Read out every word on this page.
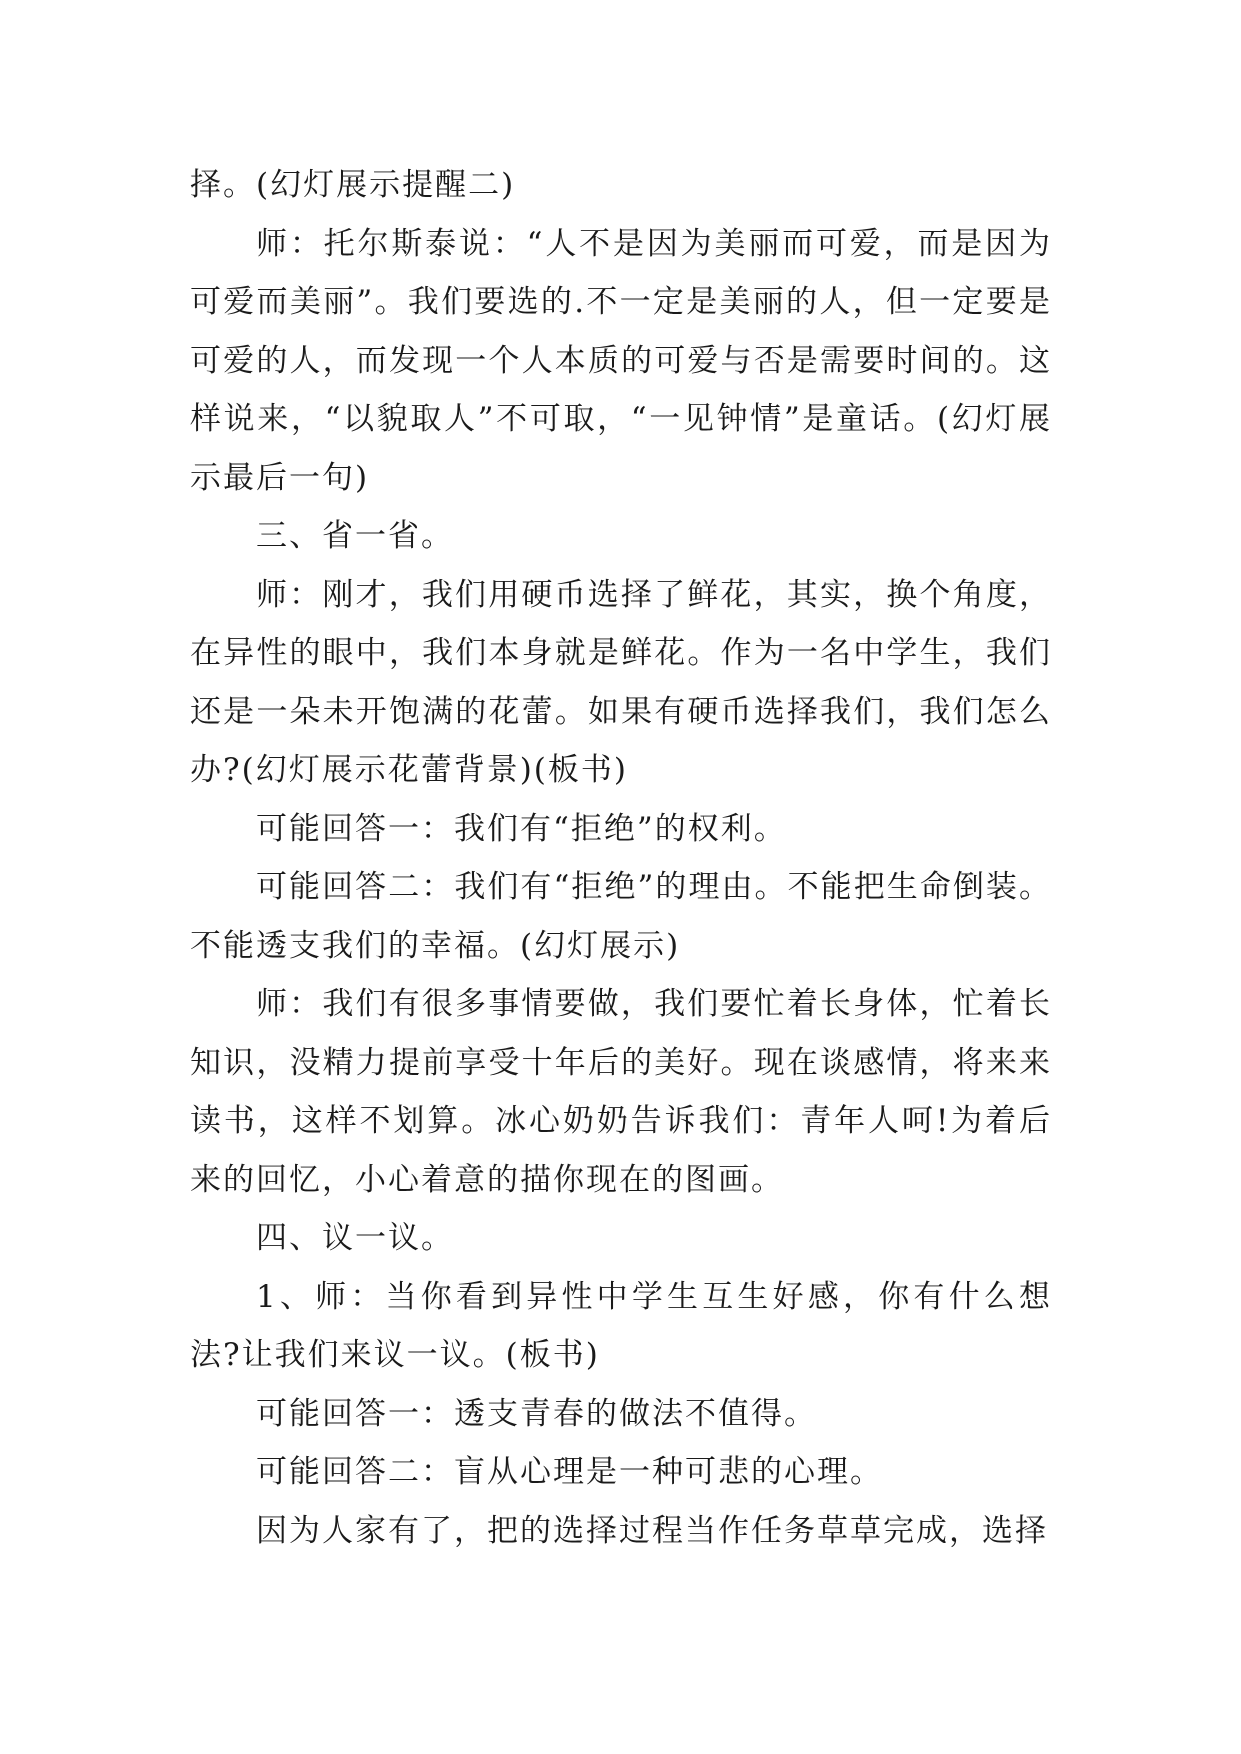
择。(幻灯展示提醒二)

师：托尔斯泰说：“人不是因为美丽而可爱，而是因为可爱而美丽”。我们要选的.不一定是美丽的人，但一定要是可爱的人，而发现一个人本质的可爱与否是需要时间的。这样说来，“以貌取人”不可取，“一见钟情”是童话。(幻灯展示最后一句)

三、省一省。

师：刚才，我们用硬币选择了鲜花，其实，换个角度，在异性的眼中，我们本身就是鲜花。作为一名中学生，我们还是一朵未开饱满的花蕾。如果有硬币选择我们，我们怎么办?(幻灯展示花蕾背景)(板书)

可能回答一：我们有“拒绝”的权利。

可能回答二：我们有“拒绝”的理由。不能把生命倒装。不能透支我们的幸福。(幻灯展示)

师：我们有很多事情要做，我们要忙着长身体，忙着长知识，没精力提前享受十年后的美好。现在谈感情，将来来读书，这样不划算。冰心奶奶告诉我们：青年人呵!为着后来的回忆，小心着意的描你现在的图画。

四、议一议。

1、师：当你看到异性中学生互生好感，你有什么想法?让我们来议一议。(板书)

可能回答一：透支青春的做法不值得。

可能回答二：盲从心理是一种可悲的心理。

因为人家有了，把的选择过程当作任务草草完成，选择
